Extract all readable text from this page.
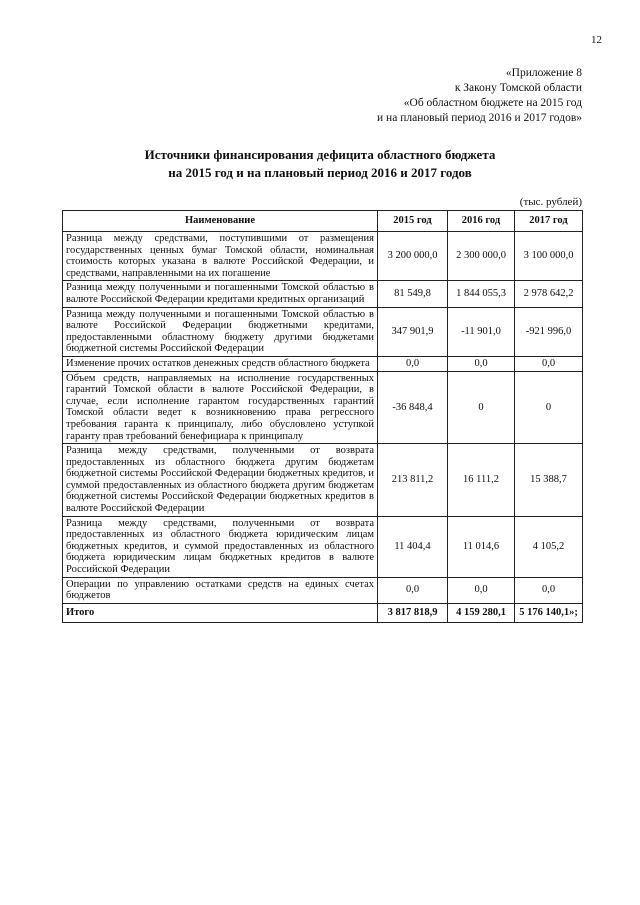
12
«Приложение 8
к Закону Томской области
«Об областном бюджете на 2015 год
и на плановый период 2016 и 2017 годов»
Источники финансирования дефицита областного бюджета
на 2015 год и на плановый период 2016 и 2017 годов
(тыс. рублей)
Наименование	2015 год	2016 год	2017 год
Разница между средствами, поступившими от размещения государственных ценных бумаг Томской области, номинальная стоимость которых указана в валюте Российской Федерации, и средствами, направленными на их погашение	3 200 000,0	2 300 000,0	3 100 000,0
Разница между полученными и погашенными Томской областью в валюте Российской Федерации кредитами кредитных организаций	81 549,8	1 844 055,3	2 978 642,2
Разница между полученными и погашенными Томской областью в валюте Российской Федерации бюджетными кредитами, предоставленными областному бюджету другими бюджетами бюджетной системы Российской Федерации	347 901,9	-11 901,0	-921 996,0
Изменение прочих остатков денежных средств областного бюджета	0,0	0,0	0,0
Объем средств, направляемых на исполнение государственных гарантий Томской области в валюте Российской Федерации, в случае, если исполнение гарантом государственных гарантий Томской области ведет к возникновению права регрессного требования гаранта к принципалу, либо обусловлено уступкой гаранту прав требований бенефициара к принципалу	-36 848,4	0	0
Разница между средствами, полученными от возврата предоставленных из областного бюджета другим бюджетам бюджетной системы Российской Федерации бюджетных кредитов, и суммой предоставленных из областного бюджета другим бюджетам бюджетной системы Российской Федерации бюджетных кредитов в валюте Российской Федерации	213 811,2	16 111,2	15 388,7
Разница между средствами, полученными от возврата предоставленных из областного бюджета юридическим лицам бюджетных кредитов, и суммой предоставленных из областного бюджета юридическим лицам бюджетных кредитов в валюте Российской Федерации	11 404,4	11 014,6	4 105,2
Операции по управлению остатками средств на единых счетах бюджетов	0,0	0,0	0,0
Итого	3 817 818,9	4 159 280,1	5 176 140,1»;
